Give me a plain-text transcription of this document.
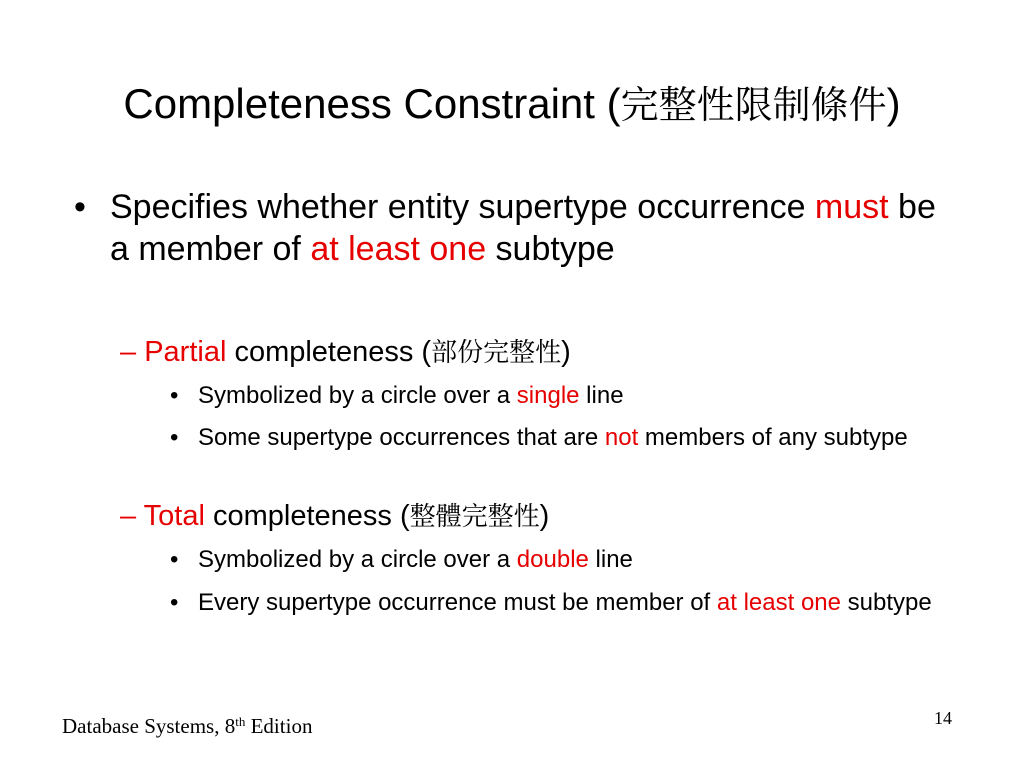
Completeness Constraint (完整性限制條件)
• Specifies whether entity supertype occurrence must be a member of at least one subtype
– Partial completeness (部份完整性)
• Symbolized by a circle over a single line
• Some supertype occurrences that are not members of any subtype
– Total completeness (整體完整性)
• Symbolized by a circle over a double line
• Every supertype occurrence must be member of at least one subtype
Database Systems, 8th Edition	14
